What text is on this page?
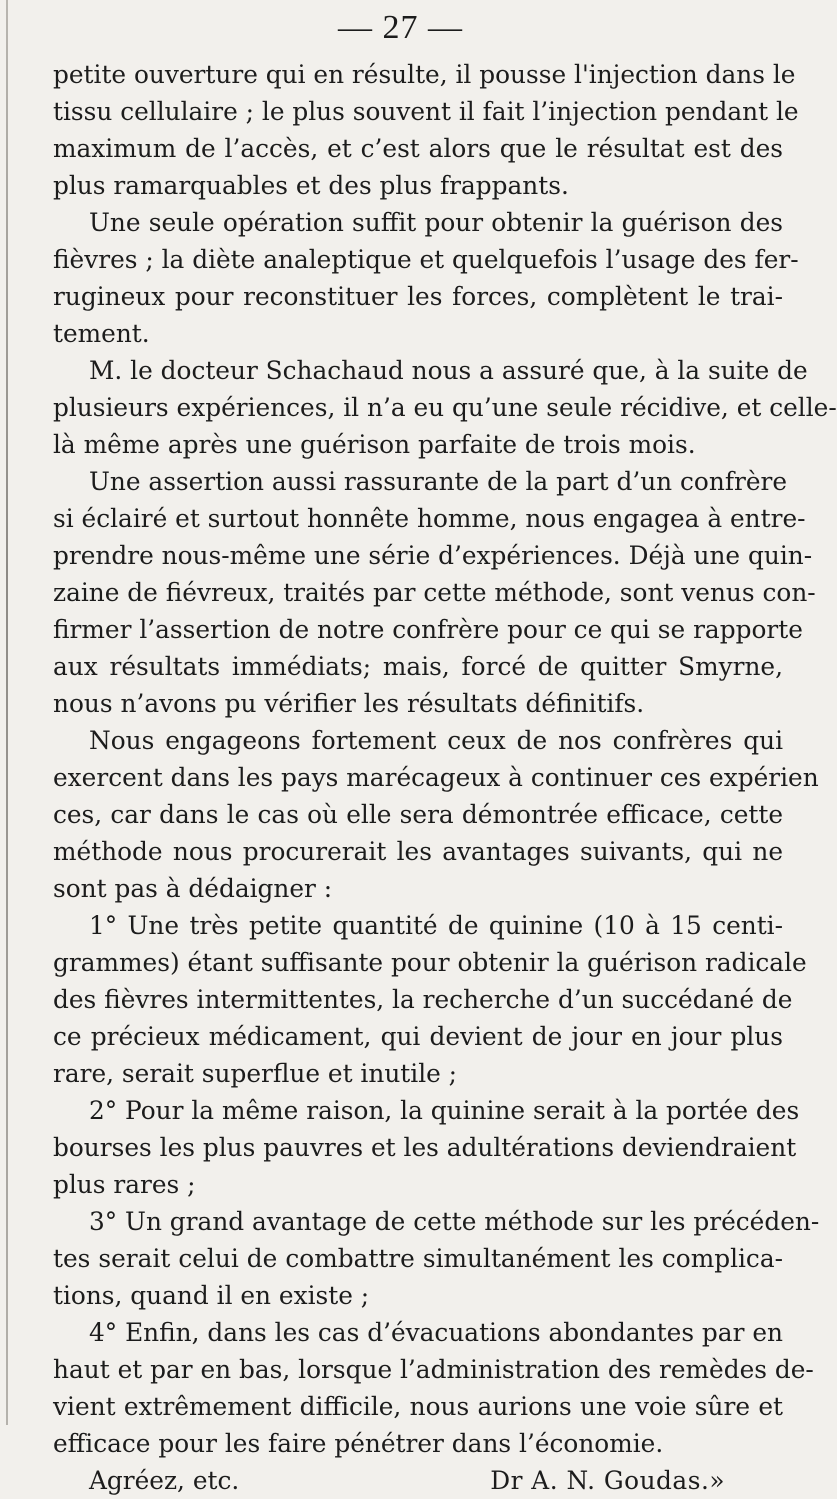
— 27 —
petite ouverture qui en résulte, il pousse l'injection dans le
tissu cellulaire ; le plus souvent il fait l’injection pendant le
maximum de l’accès, et c’est alors que le résultat est des
plus ramarquables et des plus frappants.
Une seule opération suffit pour obtenir la guérison des
fièvres ; la diète analeptique et quelquefois l’usage des fer-
rugineux pour reconstituer les forces, complètent le trai-
tement.
M. le docteur Schachaud nous a assuré que, à la suite de
plusieurs expériences, il n’a eu qu’une seule récidive, et celle-
là même après une guérison parfaite de trois mois.
Une assertion aussi rassurante de la part d’un confrère
si éclairé et surtout honnête homme, nous engagea à entre-
prendre nous-même une série d’expériences. Déjà une quin-
zaine de fiévreux, traités par cette méthode, sont venus con-
firmer l’assertion de notre confrère pour ce qui se rapporte
aux résultats immédiats; mais, forcé de quitter Smyrne,
nous n’avons pu vérifier les résultats définitifs.
Nous engageons fortement ceux de nos confrères qui
exercent dans les pays marécageux à continuer ces expérien
ces, car dans le cas où elle sera démontrée efficace, cette
méthode nous procurerait les avantages suivants, qui ne
sont pas à dédaigner :
1° Une très petite quantité de quinine (10 à 15 centi-
grammes) étant suffisante pour obtenir la guérison radicale
des fièvres intermittentes, la recherche d’un succédané de
ce précieux médicament, qui devient de jour en jour plus
rare, serait superflue et inutile ;
2° Pour la même raison, la quinine serait à la portée des
bourses les plus pauvres et les adultérations deviendraient
plus rares ;
3° Un grand avantage de cette méthode sur les précéden-
tes serait celui de combattre simultanément les complica-
tions, quand il en existe ;
4° Enfin, dans les cas d’évacuations abondantes par en
haut et par en bas, lorsque l’administration des remèdes de-
vient extrêmement difficile, nous aurions une voie sûre et
efficace pour les faire pénétrer dans l’économie.
Agréez, etc.	Dr A. N. Goudas.»
